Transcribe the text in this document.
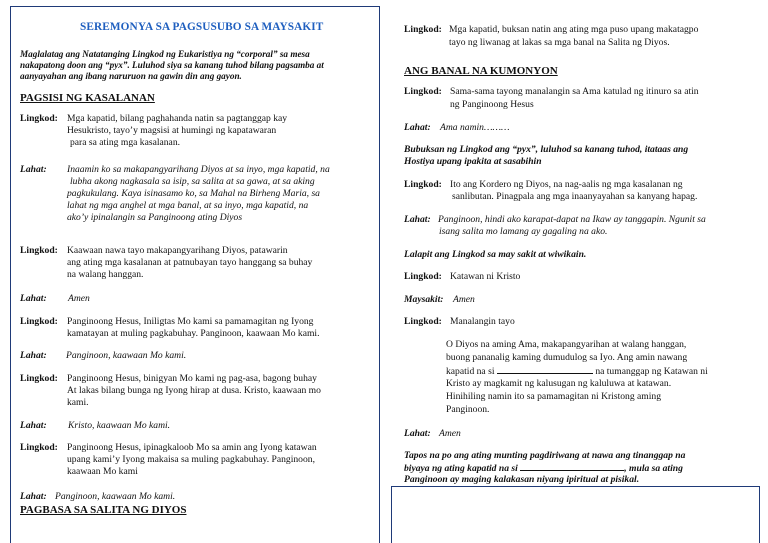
SEREMONYA SA PAGSUSUBO SA MAYSAKIT
Maglalatag ang Natatanging Lingkod ng Eukaristiya ng “corporal” sa mesa
nakapatong doon ang “pyx”. Luluhod siya sa kanang tuhod bilang pagsamba at
aanyayahan ang ibang naruruon na gawin din ang gayon.
PAGSISI NG KASALANAN
Lingkod: Mga kapatid, bilang paghahanda natin sa pagtanggap kay
Hesukristo, tayo’y magsisi at humingi ng kapatawaran
para sa ating mga kasalanan.
Lahat: Inaamin ko sa makapangyarihang Diyos at sa inyo, mga kapatid, na
lubha akong nagkasala sa isip, sa salita at sa gawa, at sa aking
pagkukulang. Kaya isinasamo ko, sa Mahal na Birheng Maria, sa
lahat ng mga anghel at mga banal, at sa inyo, mga kapatid, na
ako’y ipinalangin sa Panginoong ating Diyos
Lingkod: Kaawaan nawa tayo makapangyarihang Diyos, patawarin
ang ating mga kasalanan at patnubayan tayo hanggang sa buhay
na walang hanggan.
Lahat: Amen
Lingkod: Panginoong Hesus, Iniligtas Mo kami sa pamamagitan ng Iyong
kamatayan at muling pagkabuhay. Panginoon, kaawaan Mo kami.
Lahat: Panginoon, kaawaan Mo kami.
Lingkod: Panginoong Hesus, binigyan Mo kami ng pag-asa, bagong buhay
At lakas bilang bunga ng Iyong hirap at dusa. Kristo, kaawaan mo
kami.
Lahat: Kristo, kaawaan Mo kami.
Lingkod: Panginoong Hesus, ipinagkaloob Mo sa amin ang Iyong katawan
upang kami’y Iyong makaisa sa muling pagkabuhay. Panginoon,
kaawaan Mo kami
Lahat: Panginoon, kaawaan Mo kami.
PAGBASA SA SALITA NG DIYOS
Lingkod: Mga kapatid, buksan natin ang ating mga puso upang makatagpo
tayo ng liwanag at lakas sa mga banal na Salita ng Diyos.
ANG BANAL NA KUMONYON
Lingkod: Sama-sama tayong manalangin sa Ama katulad ng itinuro sa atin
ng Panginoong Hesus
Lahat: Ama namin………
Bubuksan ng Lingkod ang “pyx”, luluhod sa kanang tuhod, itataas ang
Hostiya upang ipakita at sasabihin
Lingkod: Ito ang Kordero ng Diyos, na nag-aalis ng mga kasalanan ng
sanlibutan. Pinagpala ang mga inaanyayahan sa kanyang hapag.
Lahat: Panginoon, hindi ako karapat-dapat na Ikaw ay tanggapin. Ngunit sa
isang salita mo lamang ay gagaling na ako.
Lalapit ang Lingkod sa may sakit at wiwikain.
Lingkod: Katawan ni Kristo
Maysakit: Amen
Lingkod: Manalangin tayo
O Diyos na aming Ama, makapangyarihan at walang hanggan,
buong pananalig kaming dumudulog sa Iyo. Ang amin nawang
kapatid na si	na tumanggap ng Katawan ni
Kristo ay magkamit ng kalusugan ng kaluluwa at katawan.
Hinihiling namin ito sa pamamagitan ni Kristong aming
Panginoon.
Lahat: Amen
Tapos na po ang ating munting pagdiriwang at nawa ang tinanggap na
biyaya ng ating kapatid na si	, mula sa ating
Panginoon ay maging kalakasan niyang ipiritual at pisikal.
